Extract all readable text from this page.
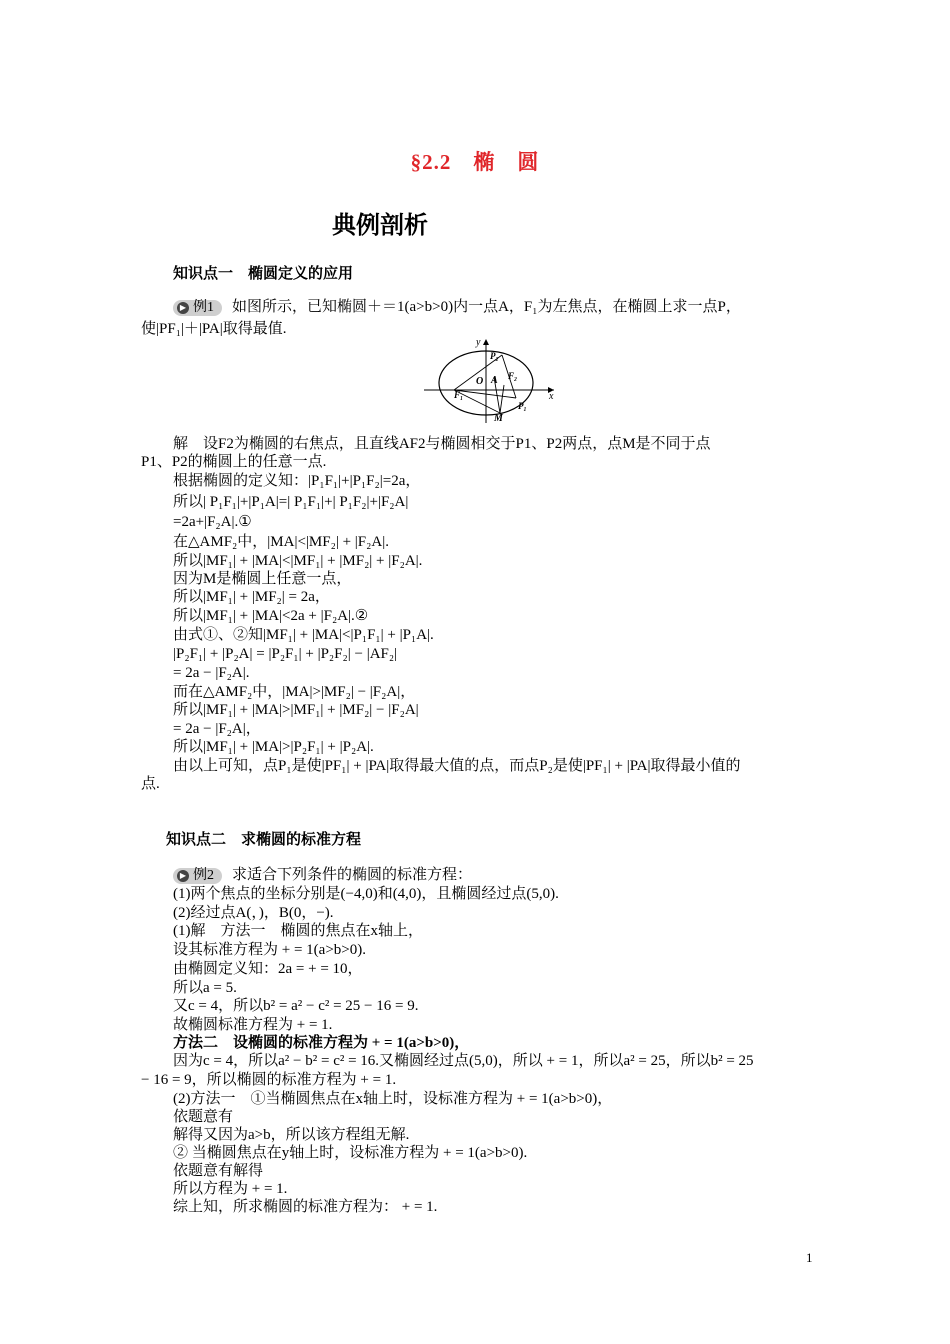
§2.2　椭　圆
典例剖析
知识点一　椭圆定义的应用
▶ 例1 如图所示，已知椭圆＋＝1(a>b>0)内一点A，F₁为左焦点，在椭圆上求一点P，
使|PF₁|＋|PA|取得最值.
y
x
O A
F₁
F₂
P₁
P₂
M
解　设F2为椭圆的右焦点，且直线AF2与椭圆相交于P1、P2两点，点M是不同于点
P1、P2的椭圆上的任意一点.
根据椭圆的定义知：|P₁F₁|+|P₁F₂|=2a，
所以| P₁F₁|+|P₁A|=| P₁F₁|+| P₁F₂|+|F₂A|
=2a+|F₂A|.①
在△AMF₂中，|MA|<|MF₂| + |F₂A|.
所以|MF₁| + |MA|<|MF₁| + |MF₂| + |F₂A|.
因为M是椭圆上任意一点，
所以|MF₁| + |MF₂| = 2a，
所以|MF₁| + |MA|<2a + |F₂A|.②
由式①、②知|MF₁| + |MA|<|P₁F₁| + |P₁A|.
|P₂F₁| + |P₂A| = |P₂F₁| + |P₂F₂| − |AF₂|
= 2a − |F₂A|.
而在△AMF₂中，|MA|>|MF₂| − |F₂A|，
所以|MF₁| + |MA|>|MF₁| + |MF₂| − |F₂A|
= 2a − |F₂A|，
所以|MF₁| + |MA|>|P₂F₁| + |P₂A|.
由以上可知，点P₁是使|PF₁| + |PA|取得最大值的点，而点P₂是使|PF₁| + |PA|取得最小值的
点.
知识点二　求椭圆的标准方程
▶ 例2 求适合下列条件的椭圆的标准方程：
(1)两个焦点的坐标分别是(−4,0)和(4,0)，且椭圆经过点(5,0).
(2)经过点A(，)，B(0，−).
(1)解　方法一　椭圆的焦点在x轴上，
设其标准方程为 + = 1(a>b>0).
由椭圆定义知：2a = + = 10，
所以a = 5.
又c = 4，所以b² = a² − c² = 25 − 16 = 9.
故椭圆标准方程为 + = 1.
方法二　设椭圆的标准方程为 + = 1(a>b>0)，
因为c = 4，所以a² − b² = c² = 16.又椭圆经过点(5,0)，所以 + = 1，所以a² = 25，所以b² = 25
− 16 = 9，所以椭圆的标准方程为 + = 1.
(2)方法一　①当椭圆焦点在x轴上时，设标准方程为 + = 1(a>b>0)，
依题意有
解得又因为a>b，所以该方程组无解.
② 当椭圆焦点在y轴上时，设标准方程为 + = 1(a>b>0).
依题意有解得
所以方程为 + = 1.
综上知，所求椭圆的标准方程为： + = 1.
1
